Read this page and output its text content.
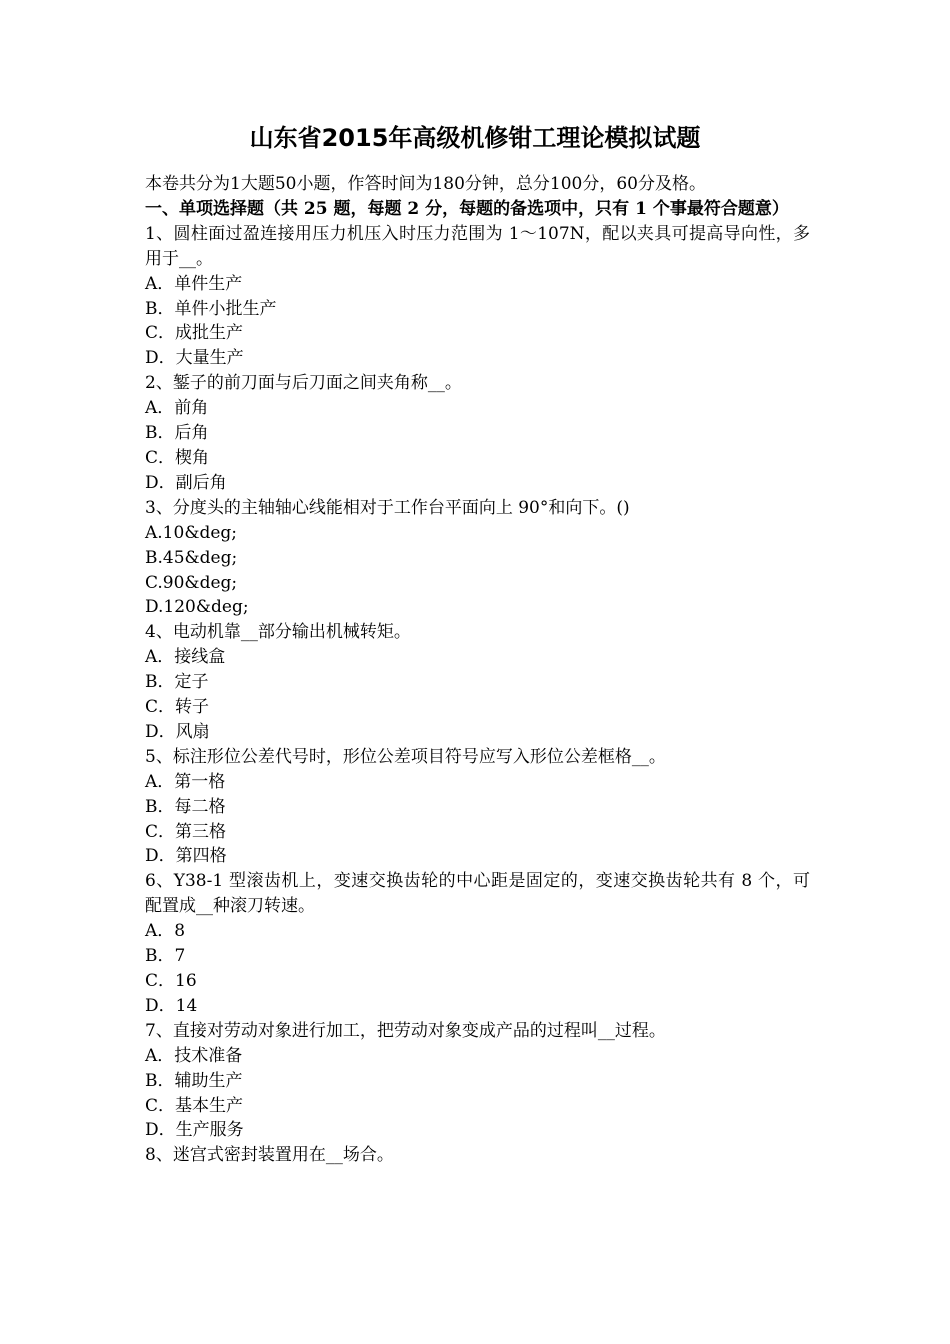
山东省2015年高级机修钳工理论模拟试题
本卷共分为1大题50小题，作答时间为180分钟，总分100分，60分及格。
一、单项选择题（共 25 题，每题 2 分，每题的备选项中，只有 1 个事最符合题意）
1、圆柱面过盈连接用压力机压入时压力范围为 1～107N，配以夹具可提高导向性，多用于__。
A．单件生产
B．单件小批生产
C．成批生产
D．大量生产
2、錾子的前刀面与后刀面之间夹角称__。
A．前角
B．后角
C．楔角
D．副后角
3、分度头的主轴轴心线能相对于工作台平面向上 90°和向下。()
A.10&deg;
B.45&deg;
C.90&deg;
D.120&deg;
4、电动机靠__部分输出机械转矩。
A．接线盒
B．定子
C．转子
D．风扇
5、标注形位公差代号时，形位公差项目符号应写入形位公差框格__。
A．第一格
B．每二格
C．第三格
D．第四格
6、Y38-1 型滚齿机上，变速交换齿轮的中心距是固定的，变速交换齿轮共有 8 个，可配置成__种滚刀转速。
A．8
B．7
C．16
D．14
7、直接对劳动对象进行加工，把劳动对象变成产品的过程叫__过程。
A．技术准备
B．辅助生产
C．基本生产
D．生产服务
8、迷宫式密封装置用在__场合。
